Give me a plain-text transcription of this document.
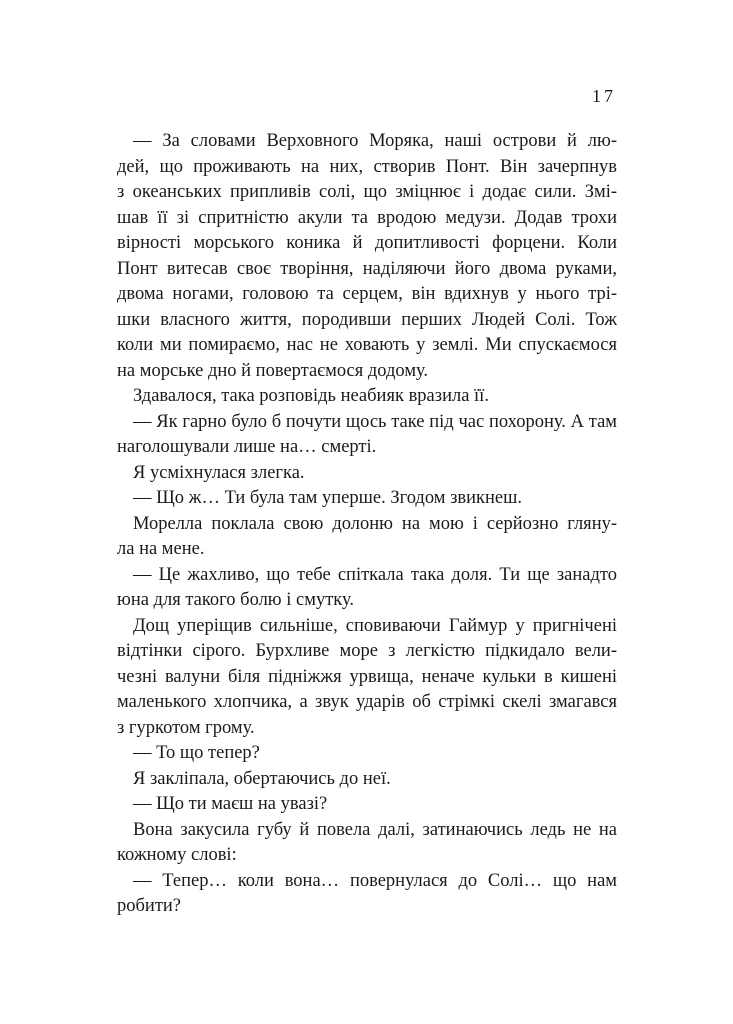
17
— За словами Верховного Моряка, наші острови й лю-
дей, що проживають на них, створив Понт. Він зачерпнув
з океанських припливів солі, що зміцнює і додає сили. Змі-
шав її зі спритністю акули та вродою медузи. Додав трохи
вірності морського коника й допитливості форцени. Коли
Понт витесав своє творіння, наділяючи його двома руками,
двома ногами, головою та серцем, він вдихнув у нього трі-
шки власного життя, породивши перших Людей Солі. Тож
коли ми помираємо, нас не ховають у землі. Ми спускаємося
на морське дно й повертаємося додому.
Здавалося, така розповідь неабияк вразила її.
— Як гарно було б почути щось таке під час похорону. А там
наголошували лише на… смерті.
Я усміхнулася злегка.
— Що ж… Ти була там уперше. Згодом звикнеш.
Морелла поклала свою долоню на мою і серйозно гляну-
ла на мене.
— Це жахливо, що тебе спіткала така доля. Ти ще занадто
юна для такого болю і смутку.
Дощ уперіщив сильніше, сповиваючи Гаймур у пригнічені
відтінки сірого. Бурхливе море з легкістю підкидало вели-
чезні валуни біля підніжжя урвища, неначе кульки в кишені
маленького хлопчика, а звук ударів об стрімкі скелі змагався
з гуркотом грому.
— То що тепер?
Я закліпала, обертаючись до неї.
— Що ти маєш на увазі?
Вона закусила губу й повела далі, затинаючись ледь не на
кожному слові:
— Тепер… коли вона… повернулася до Солі… що нам
робити?
